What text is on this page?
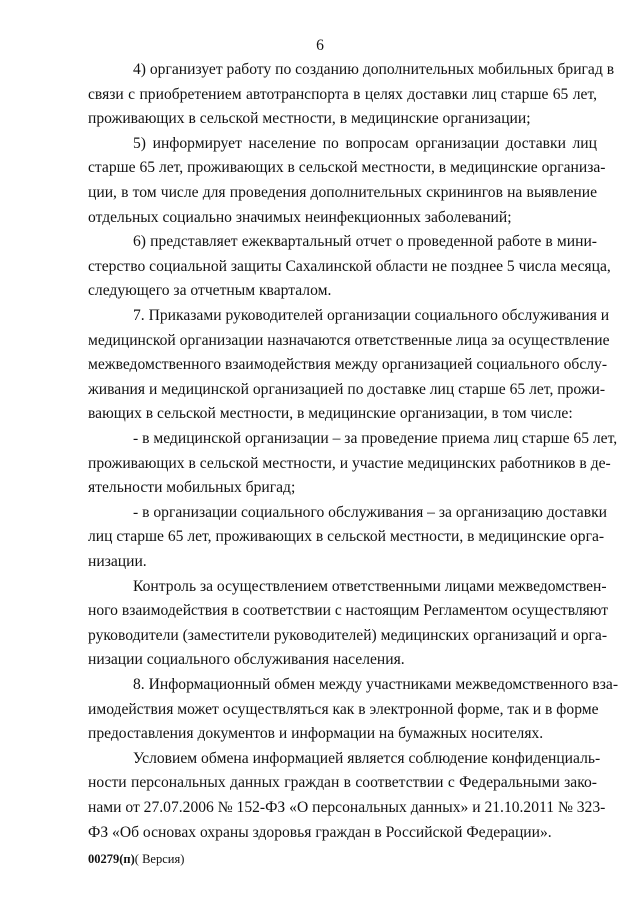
6
4) организует работу по созданию дополнительных мобильных бригад в
связи с приобретением автотранспорта в целях доставки лиц старше 65 лет,
проживающих в сельской местности, в медицинские организации;
5) информирует население по вопросам организации доставки лиц
старше 65 лет, проживающих в сельской местности, в медицинские организа-
ции, в том числе для проведения дополнительных скринингов на выявление
отдельных социально значимых неинфекционных заболеваний;
6) представляет ежеквартальный отчет о проведенной работе в мини-
стерство социальной защиты Сахалинской области не позднее 5 числа месяца,
следующего за отчетным кварталом.
7. Приказами руководителей организации социального обслуживания и
медицинской организации назначаются ответственные лица за осуществление
межведомственного взаимодействия между организацией социального обслу-
живания и медицинской организацией по доставке лиц старше 65 лет, прожи-
вающих в сельской местности, в медицинские организации, в том числе:
- в медицинской организации – за проведение приема лиц старше 65 лет,
проживающих в сельской местности, и участие медицинских работников в де-
ятельности мобильных бригад;
- в организации социального обслуживания – за организацию доставки
лиц старше 65 лет, проживающих в сельской местности, в медицинские орга-
низации.
Контроль за осуществлением ответственными лицами межведомствен-
ного взаимодействия в соответствии с настоящим Регламентом осуществляют
руководители (заместители руководителей) медицинских организаций и орга-
низации социального обслуживания населения.
8. Информационный обмен между участниками межведомственного вза-
имодействия может осуществляться как в электронной форме, так и в форме
предоставления документов и информации на бумажных носителях.
Условием обмена информацией является соблюдение конфиденциаль-
ности персональных данных граждан в соответствии с Федеральными зако-
нами от 27.07.2006 № 152-ФЗ «О персональных данных» и 21.10.2011 № 323-
ФЗ «Об основах охраны здоровья граждан в Российской Федерации».
00279(п)( Версия)
